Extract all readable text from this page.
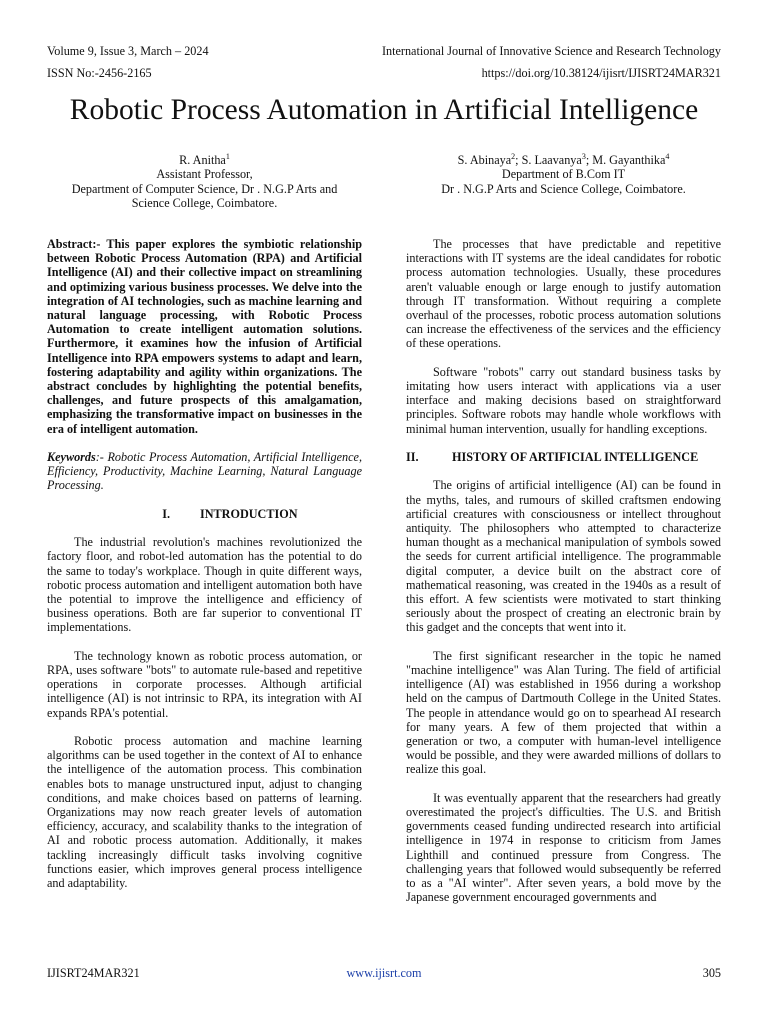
Volume 9, Issue 3, March – 2024	International Journal of Innovative Science and Research Technology
ISSN No:-2456-2165	https://doi.org/10.38124/ijisrt/IJISRT24MAR321
Robotic Process Automation in Artificial Intelligence
R. Anitha$^1$
Assistant Professor,
Department of Computer Science, Dr . N.G.P Arts and
Science College, Coimbatore.
S. Abinaya$^2$; S. Laavanya$^3$; M. Gayanthika$^4$
Department of B.Com IT
Dr . N.G.P Arts and Science College, Coimbatore.

Abstract:- This paper explores the symbiotic relationship between Robotic Process Automation (RPA) and Artificial Intelligence (AI) and their collective impact on streamlining and optimizing various business processes. We delve into the integration of AI technologies, such as machine learning and natural language processing, with Robotic Process Automation to create intelligent automation solutions. Furthermore, it examines how the infusion of Artificial Intelligence into RPA empowers systems to adapt and learn, fostering adaptability and agility within organizations. The abstract concludes by highlighting the potential benefits, challenges, and future prospects of this amalgamation, emphasizing the transformative impact on businesses in the era of intelligent automation.

Keywords:- Robotic Process Automation, Artificial Intelligence, Efficiency, Productivity, Machine Learning, Natural Language Processing.

I.	INTRODUCTION

The industrial revolution's machines revolutionized the factory floor, and robot-led automation has the potential to do the same to today's workplace. Though in quite different ways, robotic process automation and intelligent automation both have the potential to improve the intelligence and efficiency of business operations. Both are far superior to conventional IT implementations.

The technology known as robotic process automation, or RPA, uses software "bots" to automate rule-based and repetitive operations in corporate processes. Although artificial intelligence (AI) is not intrinsic to RPA, its integration with AI expands RPA's potential.

Robotic process automation and machine learning algorithms can be used together in the context of AI to enhance the intelligence of the automation process. This combination enables bots to manage unstructured input, adjust to changing conditions, and make choices based on patterns of learning. Organizations may now reach greater levels of automation efficiency, accuracy, and scalability thanks to the integration of AI and robotic process automation. Additionally, it makes tackling increasingly difficult tasks involving cognitive functions easier, which improves general process intelligence and adaptability.

The processes that have predictable and repetitive interactions with IT systems are the ideal candidates for robotic process automation technologies. Usually, these procedures aren't valuable enough or large enough to justify automation through IT transformation. Without requiring a complete overhaul of the processes, robotic process automation solutions can increase the effectiveness of the services and the efficiency of these operations.

Software "robots" carry out standard business tasks by imitating how users interact with applications via a user interface and making decisions based on straightforward principles. Software robots may handle whole workflows with minimal human intervention, usually for handling exceptions.

II.	HISTORY OF ARTIFICIAL INTELLIGENCE

The origins of artificial intelligence (AI) can be found in the myths, tales, and rumours of skilled craftsmen endowing artificial creatures with consciousness or intellect throughout antiquity. The philosophers who attempted to characterize human thought as a mechanical manipulation of symbols sowed the seeds for current artificial intelligence. The programmable digital computer, a device built on the abstract core of mathematical reasoning, was created in the 1940s as a result of this effort. A few scientists were motivated to start thinking seriously about the prospect of creating an electronic brain by this gadget and the concepts that went into it.

The first significant researcher in the topic he named "machine intelligence" was Alan Turing. The field of artificial intelligence (AI) was established in 1956 during a workshop held on the campus of Dartmouth College in the United States. The people in attendance would go on to spearhead AI research for many years. A few of them projected that within a generation or two, a computer with human-level intelligence would be possible, and they were awarded millions of dollars to realize this goal.

It was eventually apparent that the researchers had greatly overestimated the project's difficulties. The U.S. and British governments ceased funding undirected research into artificial intelligence in 1974 in response to criticism from James Lighthill and continued pressure from Congress. The challenging years that followed would subsequently be referred to as a "AI winter". After seven years, a bold move by the Japanese government encouraged governments and

IJISRT24MAR321	www.ijisrt.com	305
